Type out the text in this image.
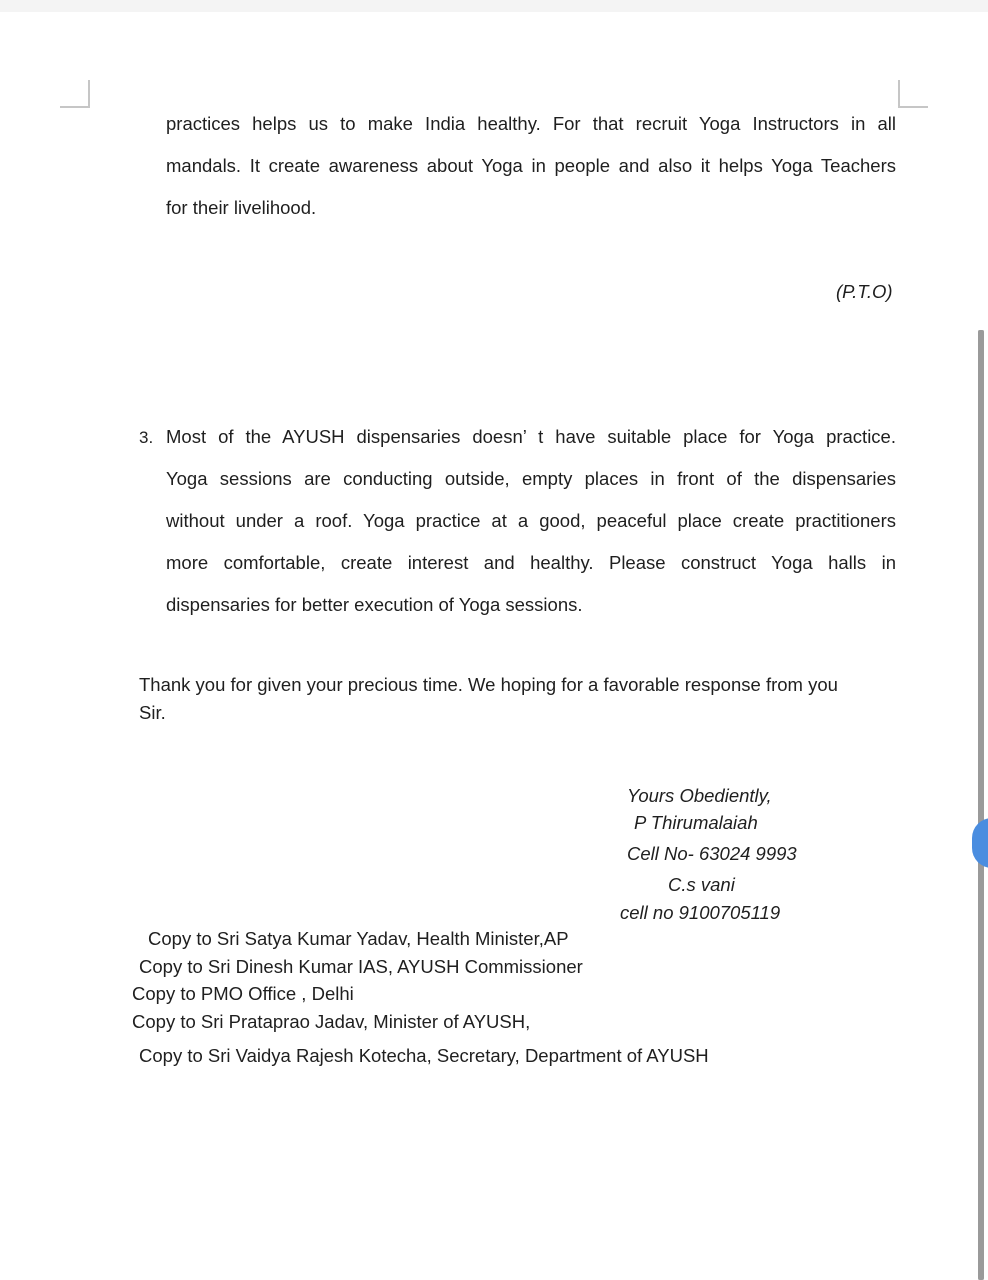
practices helps us to make India healthy. For that recruit Yoga Instructors in all

mandals. It create awareness about Yoga in people and also it helps Yoga Teachers

for their livelihood.

(P.T.O)

3. Most of the AYUSH dispensaries doesn’ t have suitable place for Yoga practice.

Yoga sessions are conducting outside, empty places in front of the dispensaries

without under a roof. Yoga practice at a good, peaceful place create practitioners

more comfortable, create interest and healthy. Please construct Yoga halls in

dispensaries for better execution of Yoga sessions.

Thank you for given your precious time. We hoping for a favorable response from you

Sir.

Yours Obediently,

P Thirumalaiah

Cell No- 63024 9993

C.s vani

cell no 9100705119

Copy to Sri Satya Kumar Yadav, Health Minister,AP

Copy to Sri Dinesh Kumar IAS, AYUSH Commissioner

Copy to PMO Office , Delhi

Copy to Sri Prataprao Jadav, Minister of AYUSH,

Copy to Sri Vaidya Rajesh Kotecha, Secretary, Department of AYUSH
